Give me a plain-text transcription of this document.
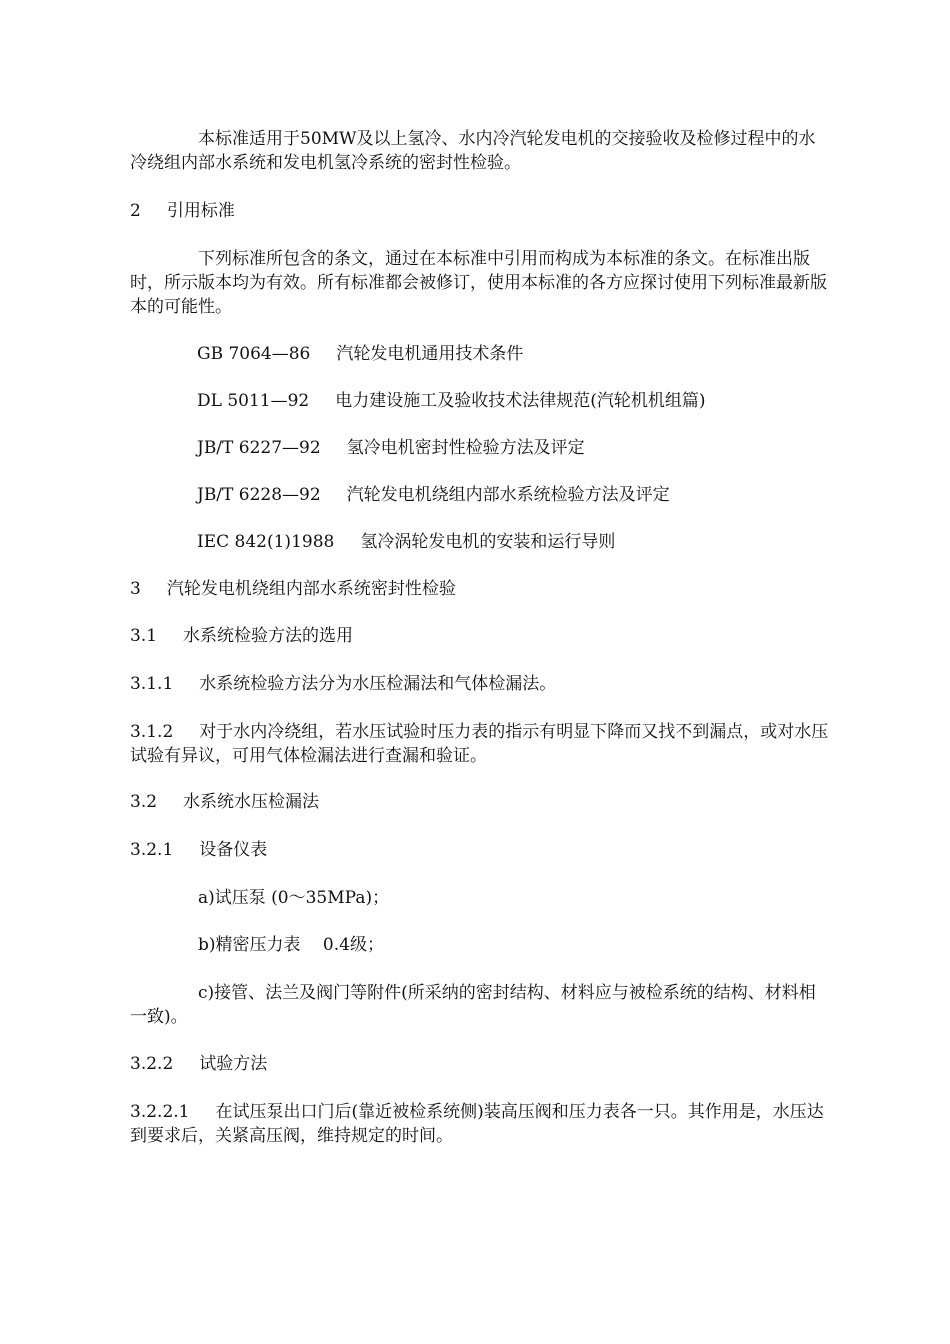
本标准适用于50MW及以上氢冷、水内冷汽轮发电机的交接验收及检修过程中的水冷绕组内部水系统和发电机氢冷系统的密封性检验。

2 引用标准

下列标准所包含的条文，通过在本标准中引用而构成为本标准的条文。在标准出版时，所示版本均为有效。所有标准都会被修订，使用本标准的各方应探讨使用下列标准最新版本的可能性。

GB 7064—86 汽轮发电机通用技术条件

DL 5011—92 电力建设施工及验收技术法律规范(汽轮机机组篇)

JB/T 6227—92 氢冷电机密封性检验方法及评定

JB/T 6228—92 汽轮发电机绕组内部水系统检验方法及评定

IEC 842(1)1988 氢冷涡轮发电机的安装和运行导则

3 汽轮发电机绕组内部水系统密封性检验

3.1 水系统检验方法的选用

3.1.1 水系统检验方法分为水压检漏法和气体检漏法。

3.1.2 对于水内冷绕组，若水压试验时压力表的指示有明显下降而又找不到漏点，或对水压试验有异议，可用气体检漏法进行查漏和验证。

3.2 水系统水压检漏法

3.2.1 设备仪表

a)试压泵 (0～35MPa)；

b)精密压力表　 0.4级；

c)接管、法兰及阀门等附件(所采纳的密封结构、材料应与被检系统的结构、材料相一致)。

3.2.2 试验方法

3.2.2.1 在试压泵出口门后(靠近被检系统侧)装高压阀和压力表各一只。其作用是，水压达到要求后，关紧高压阀，维持规定的时间。
